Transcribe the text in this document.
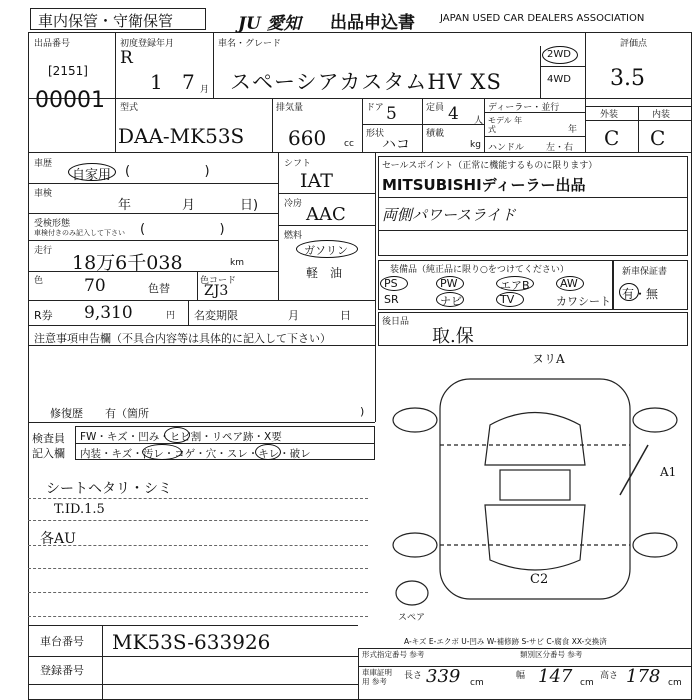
車内保管・守衛保管	JU 愛知 出品申込書	JAPAN USED CAR DEALERS ASSOCIATION
出品番号
[2151]
00001
初度登録年月
R
1 7 月
車名・グレード
スペーシアカスタムHV XS
2WD
4WD
評価点
3.5
外装	内装
C C
型式
DAA-MK53S
排気量
660 cc
ドア 5	定員 4 人
形状
ハコ
積載
kg
ディーラー・並行
モデル 年式	年
ハンドル 左・右
車歴
自家用 (                  )
車検
年	月	日)
受検形態
車検付きのみ記入して下さい (                  )
走行
18万6千038	km
色 70	色替
色コード
ZJ3
シフト
IAT
冷房 AAC
燃料
ガソリン
軽　油
セールスポイント（正常に機能するものに限ります）
MITSUBISHIディーラー出品
両側パワースライド
装備品（純正品に限り○をつけてください）
PS	PW	エアB	AW
SR	ナビ	TV	カワシート
新車保証書
有・無
R券 9,310	円 名変期限	月	日
注意事項申告欄（不具合内容等は具体的に記入して下さい）
修復歴　　有（箇所	)
後日品
取.保
検査員
記入欄
FW・キズ・凹み・ヒビ割・リペア跡・X要
内装・キズ・汚レ・コゲ・穴・スレ・キレ・破レ
シートヘタリ・シミ
T.ID.1.5
各AU
ヌリA
A1
C2
スペア
A-キズ E-エクボ U-凹み W-補修跡 S-サビ C-腐食 XX-交換済
車台番号 MK53S-633926
登録番号
形式指定番号 参考	類別区分番号 参考
車庫証明用 参考
長さ 339 cm
幅 147 cm
高さ 178 cm
